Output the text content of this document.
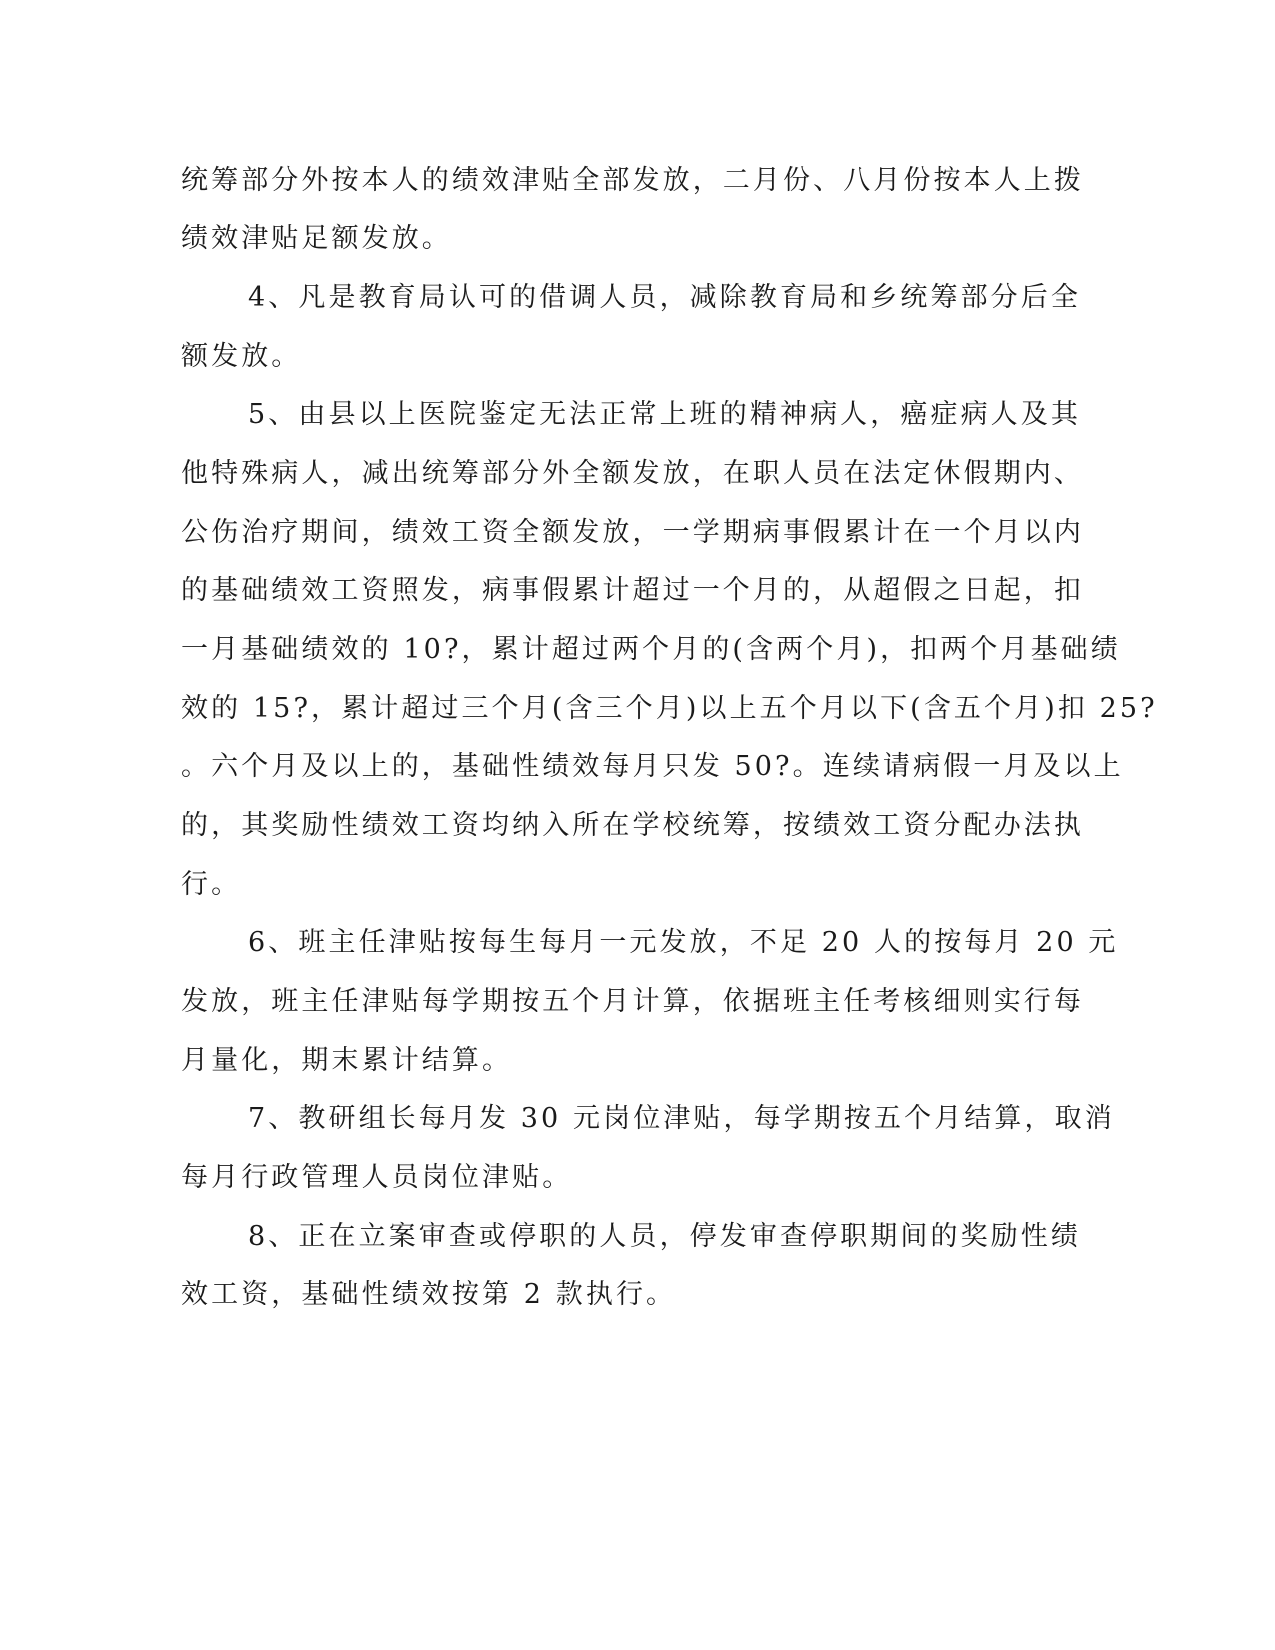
统筹部分外按本人的绩效津贴全部发放，二月份、八月份按本人上拨
绩效津贴足额发放。
4、凡是教育局认可的借调人员，减除教育局和乡统筹部分后全
额发放。
5、由县以上医院鉴定无法正常上班的精神病人，癌症病人及其
他特殊病人，减出统筹部分外全额发放，在职人员在法定休假期内、
公伤治疗期间，绩效工资全额发放，一学期病事假累计在一个月以内
的基础绩效工资照发，病事假累计超过一个月的，从超假之日起，扣
一月基础绩效的 10?，累计超过两个月的(含两个月)，扣两个月基础绩
效的 15?，累计超过三个月(含三个月)以上五个月以下(含五个月)扣 25?
。六个月及以上的，基础性绩效每月只发 50?。连续请病假一月及以上
的，其奖励性绩效工资均纳入所在学校统筹，按绩效工资分配办法执
行。
6、班主任津贴按每生每月一元发放，不足 20 人的按每月 20 元
发放，班主任津贴每学期按五个月计算，依据班主任考核细则实行每
月量化，期末累计结算。
7、教研组长每月发 30 元岗位津贴，每学期按五个月结算，取消
每月行政管理人员岗位津贴。
8、正在立案审查或停职的人员，停发审查停职期间的奖励性绩
效工资，基础性绩效按第 2 款执行。
